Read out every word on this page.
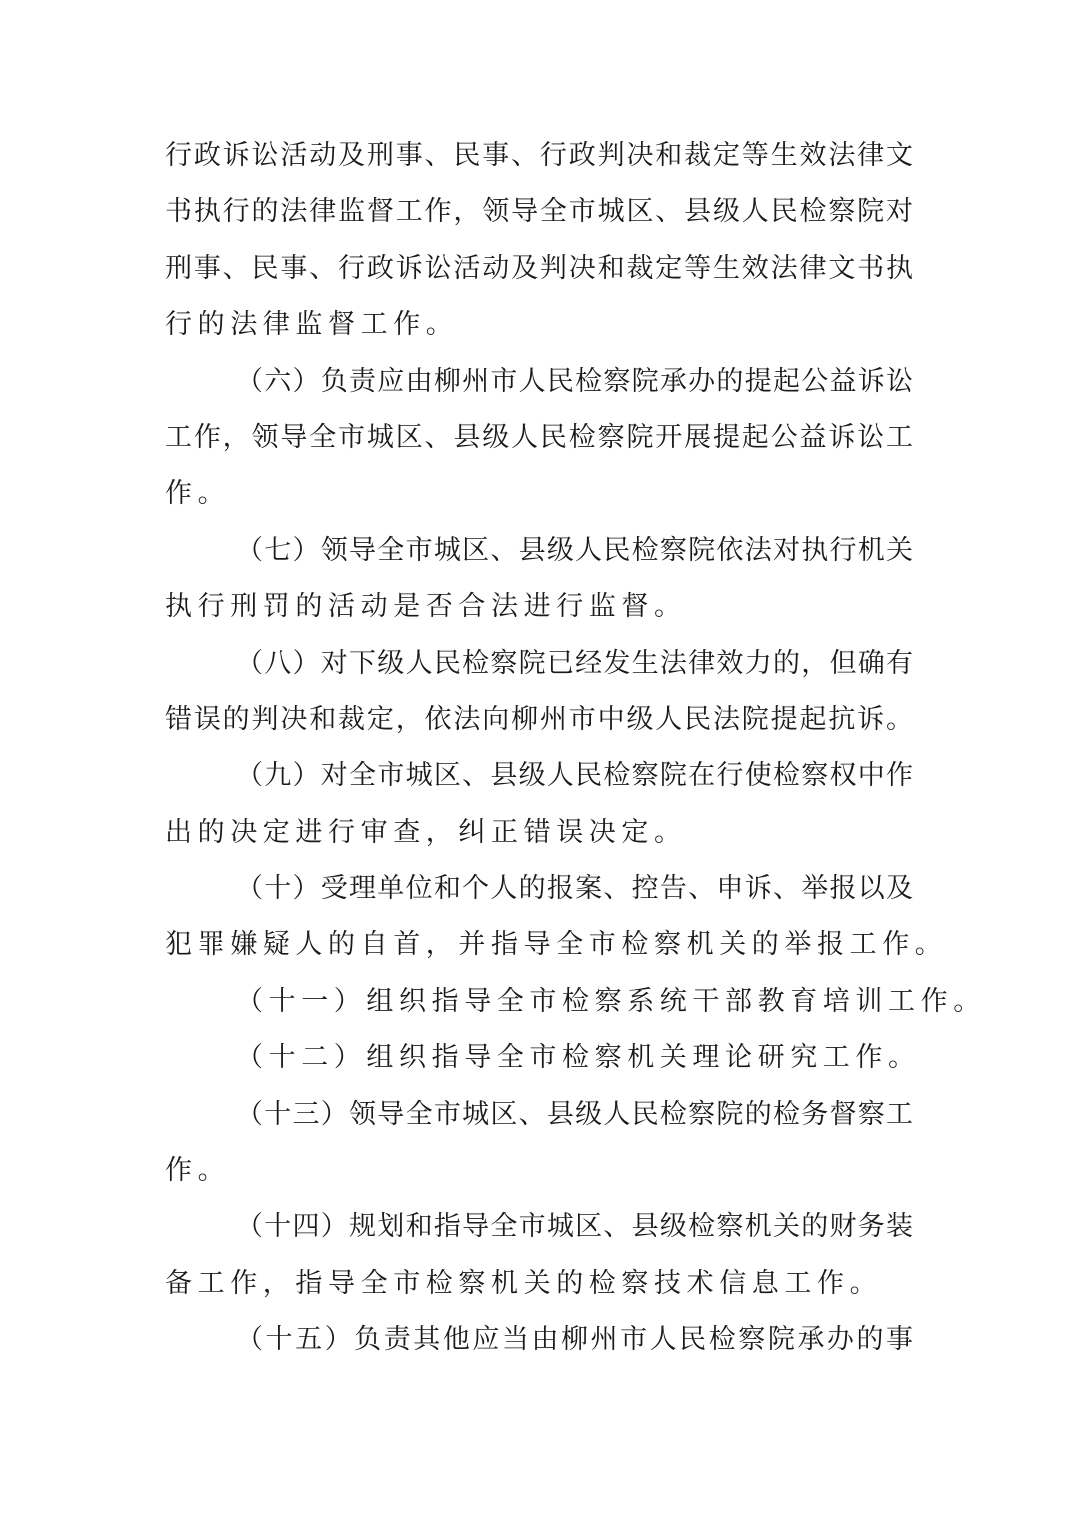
行政诉讼活动及刑事、民事、行政判决和裁定等生效法律文
书执行的法律监督工作，领导全市城区、县级人民检察院对
刑事、民事、行政诉讼活动及判决和裁定等生效法律文书执
行的法律监督工作。
（六）负责应由柳州市人民检察院承办的提起公益诉讼
工作，领导全市城区、县级人民检察院开展提起公益诉讼工
作。
（七）领导全市城区、县级人民检察院依法对执行机关
执行刑罚的活动是否合法进行监督。
（八）对下级人民检察院已经发生法律效力的，但确有
错误的判决和裁定，依法向柳州市中级人民法院提起抗诉。
（九）对全市城区、县级人民检察院在行使检察权中作
出的决定进行审查，纠正错误决定。
（十）受理单位和个人的报案、控告、申诉、举报以及
犯罪嫌疑人的自首，并指导全市检察机关的举报工作。
（十一）组织指导全市检察系统干部教育培训工作。
（十二）组织指导全市检察机关理论研究工作。
（十三）领导全市城区、县级人民检察院的检务督察工
作。
（十四）规划和指导全市城区、县级检察机关的财务装
备工作，指导全市检察机关的检察技术信息工作。
（十五）负责其他应当由柳州市人民检察院承办的事
